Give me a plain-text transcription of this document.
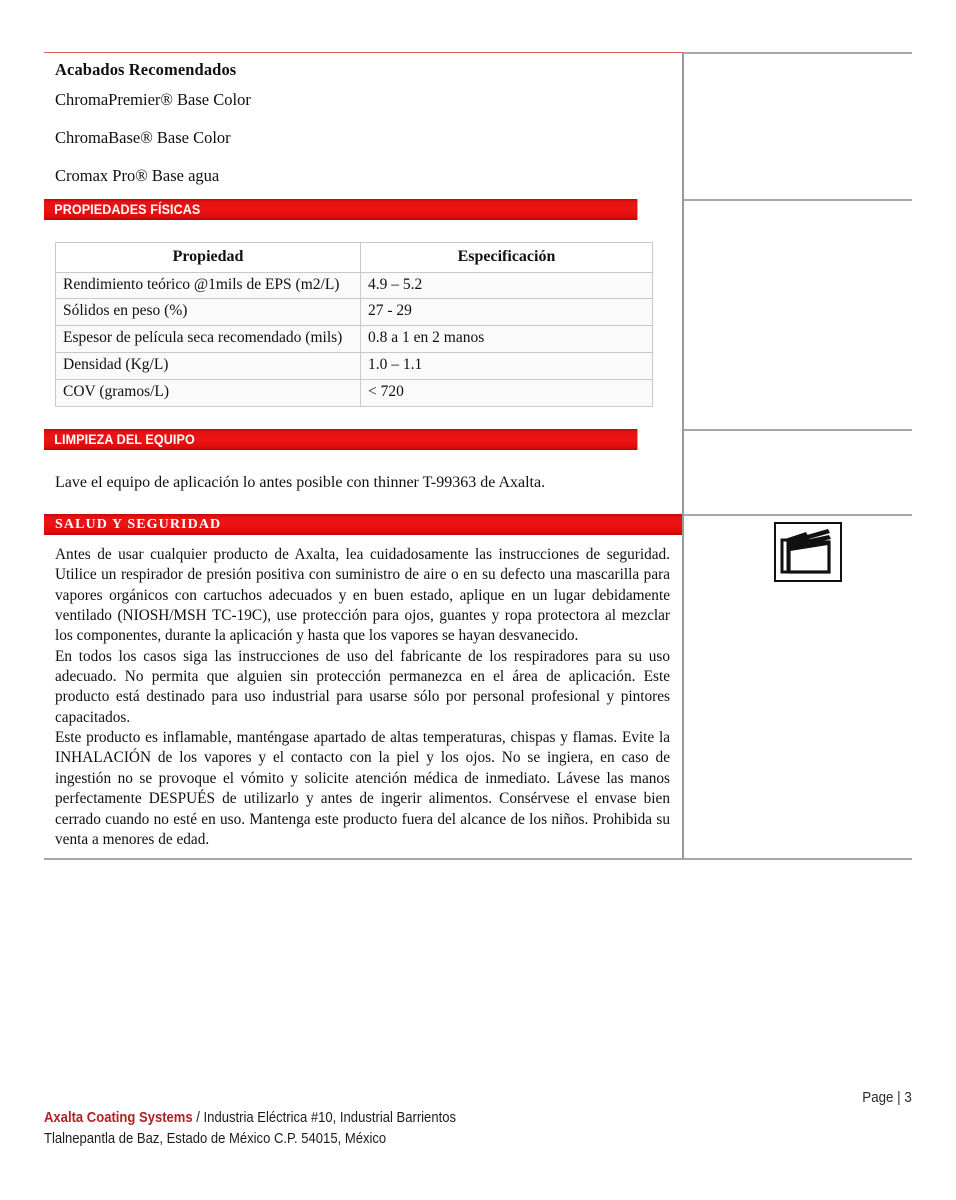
Acabados Recomendados
ChromaPremier® Base Color
ChromaBase® Base Color
Cromax Pro® Base agua
PROPIEDADES FÍSICAS
Propiedad	Especificación
Rendimiento teórico @1mils de EPS (m2/L)	4.9 – 5.2
Sólidos en peso (%)	27 - 29
Espesor de película seca recomendado (mils)	0.8 a 1 en 2 manos
Densidad (Kg/L)	1.0 – 1.1
COV (gramos/L)	< 720
LIMPIEZA DEL EQUIPO
Lave el equipo de aplicación lo antes posible con thinner T-99363 de Axalta.
SALUD Y SEGURIDAD

Antes de usar cualquier producto de Axalta, lea cuidadosamente las instrucciones de seguridad. Utilice un respirador de presión positiva con suministro de aire o en su defecto una mascarilla para vapores orgánicos con cartuchos adecuados y en buen estado, aplique en un lugar debidamente ventilado (NIOSH/MSH TC-19C), use protección para ojos, guantes y ropa protectora al mezclar los componentes, durante la aplicación y hasta que los vapores se hayan desvanecido.

En todos los casos siga las instrucciones de uso del fabricante de los respiradores para su uso adecuado. No permita que alguien sin protección permanezca en el área de aplicación. Este producto está destinado para uso industrial para usarse sólo por personal profesional y pintores capacitados.

Este producto es inflamable, manténgase apartado de altas temperaturas, chispas y flamas. Evite la INHALACIÓN de los vapores y el contacto con la piel y los ojos. No se ingiera, en caso de ingestión no se provoque el vómito y solicite atención médica de inmediato. Lávese las manos perfectamente DESPUÉS de utilizarlo y antes de ingerir alimentos. Consérvese el envase bien cerrado cuando no esté en uso. Mantenga este producto fuera del alcance de los niños. Prohibida su venta a menores de edad.

Page | 3
Axalta Coating Systems / Industria Eléctrica #10, Industrial Barrientos
Tlalnepantla de Baz, Estado de México C.P. 54015, México
